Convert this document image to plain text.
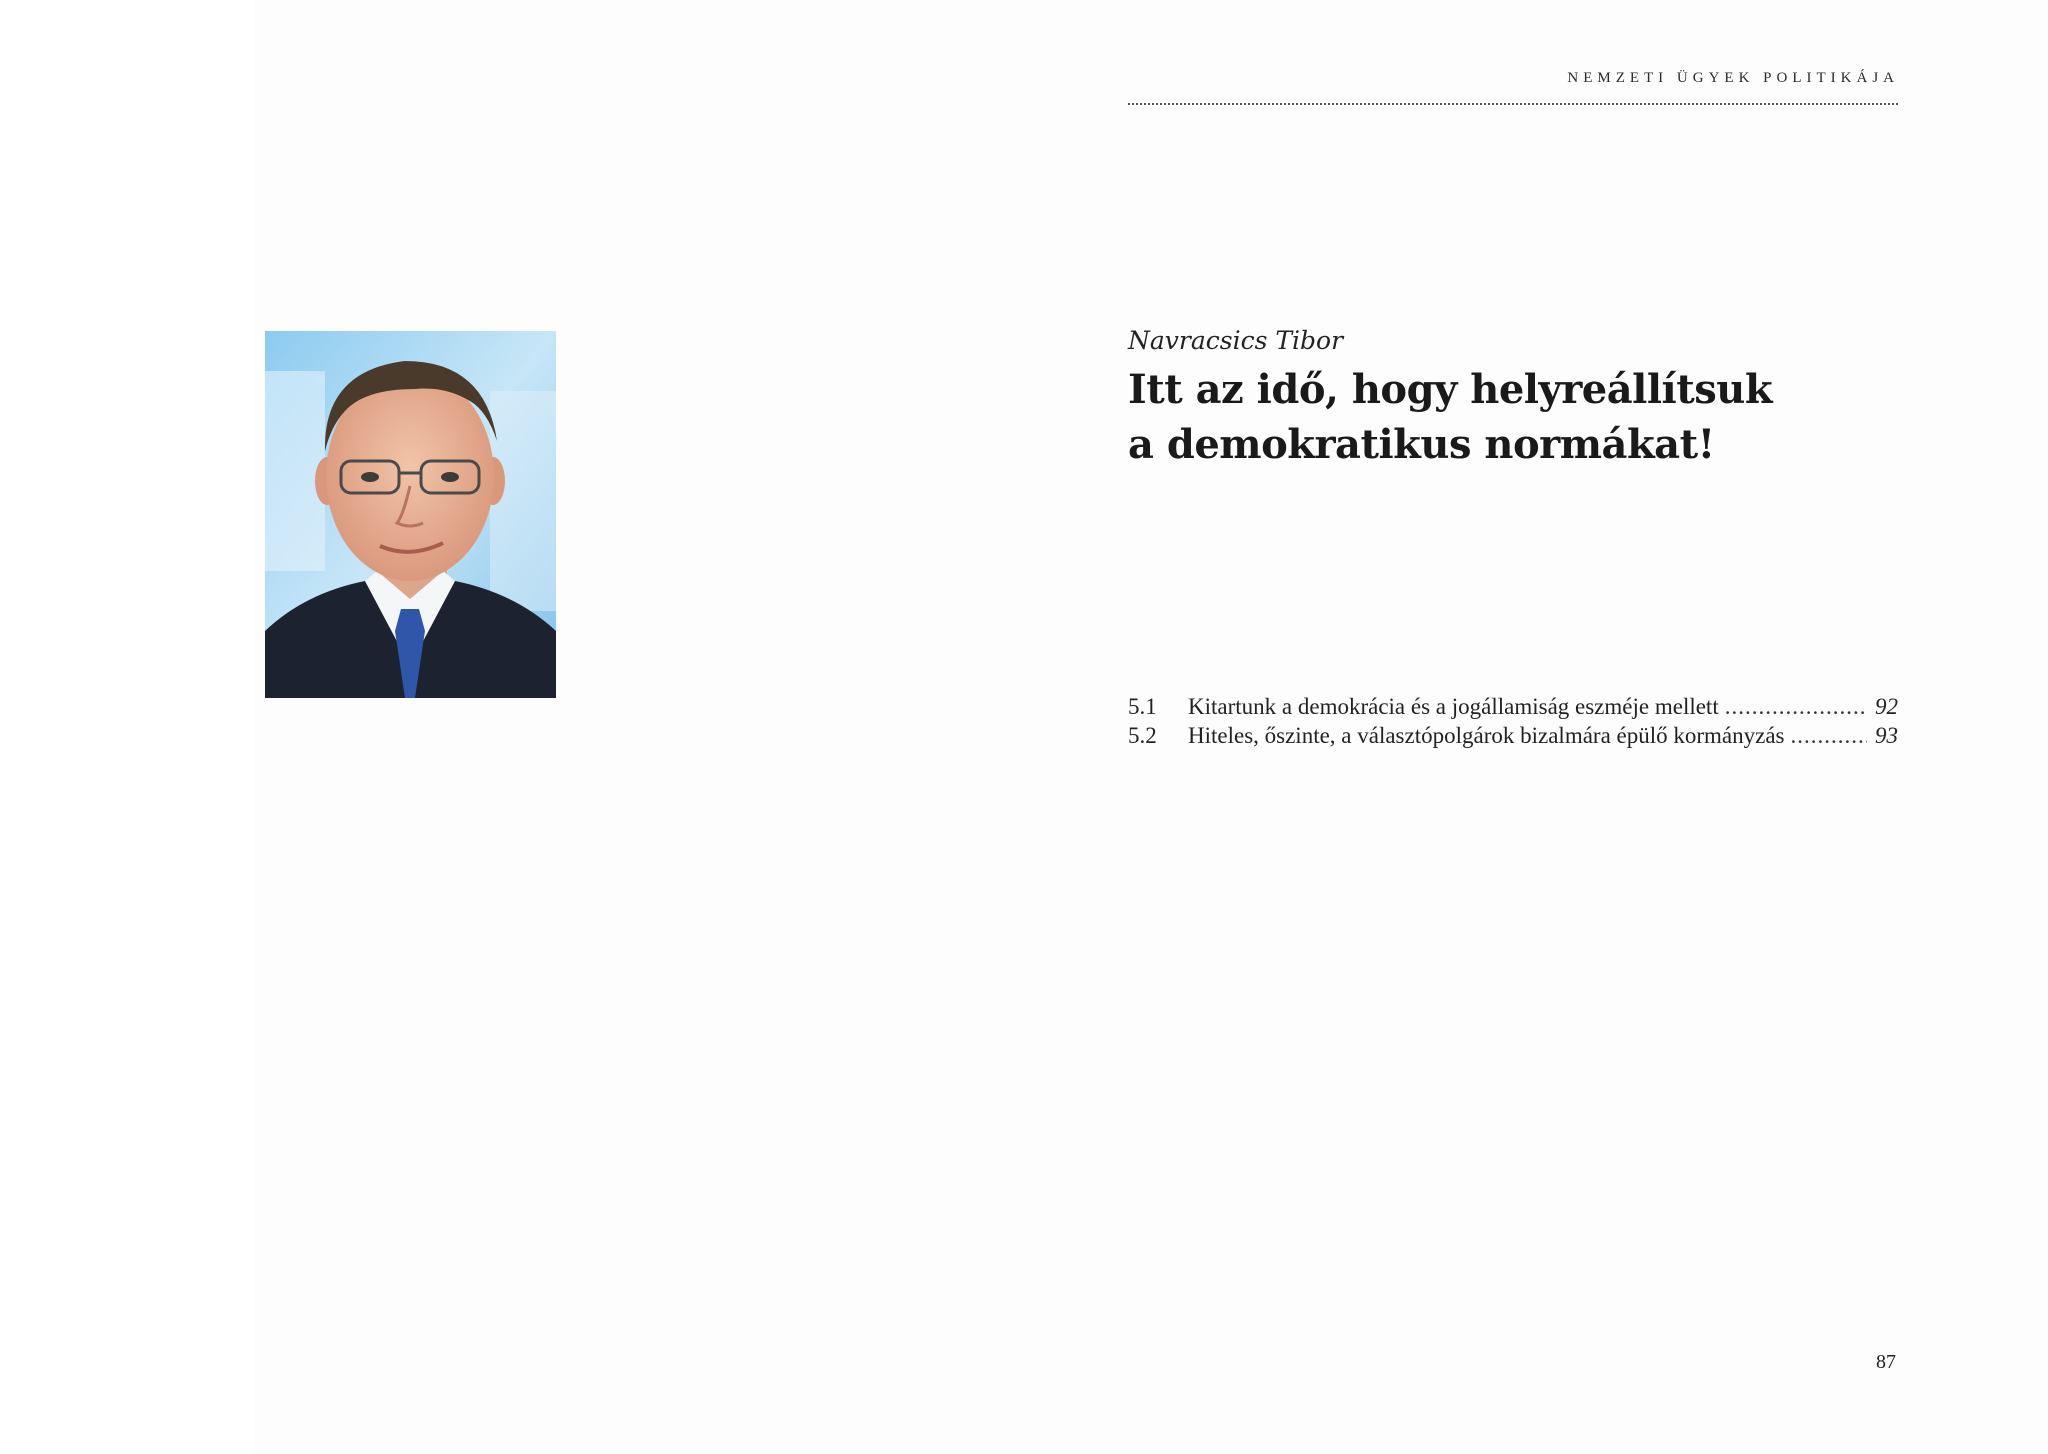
NEMZETI ÜGYEK POLITIKÁJA
Navracsics Tibor
Itt az idő, hogy helyreállítsuk
a demokratikus normákat!
5.1	Kitartunk a demokrácia és a jogállamiság eszméje mellett .....	92
5.2	Hiteles, őszinte, a választópolgárok bizalmára épülő kormányzás .....	93
87
